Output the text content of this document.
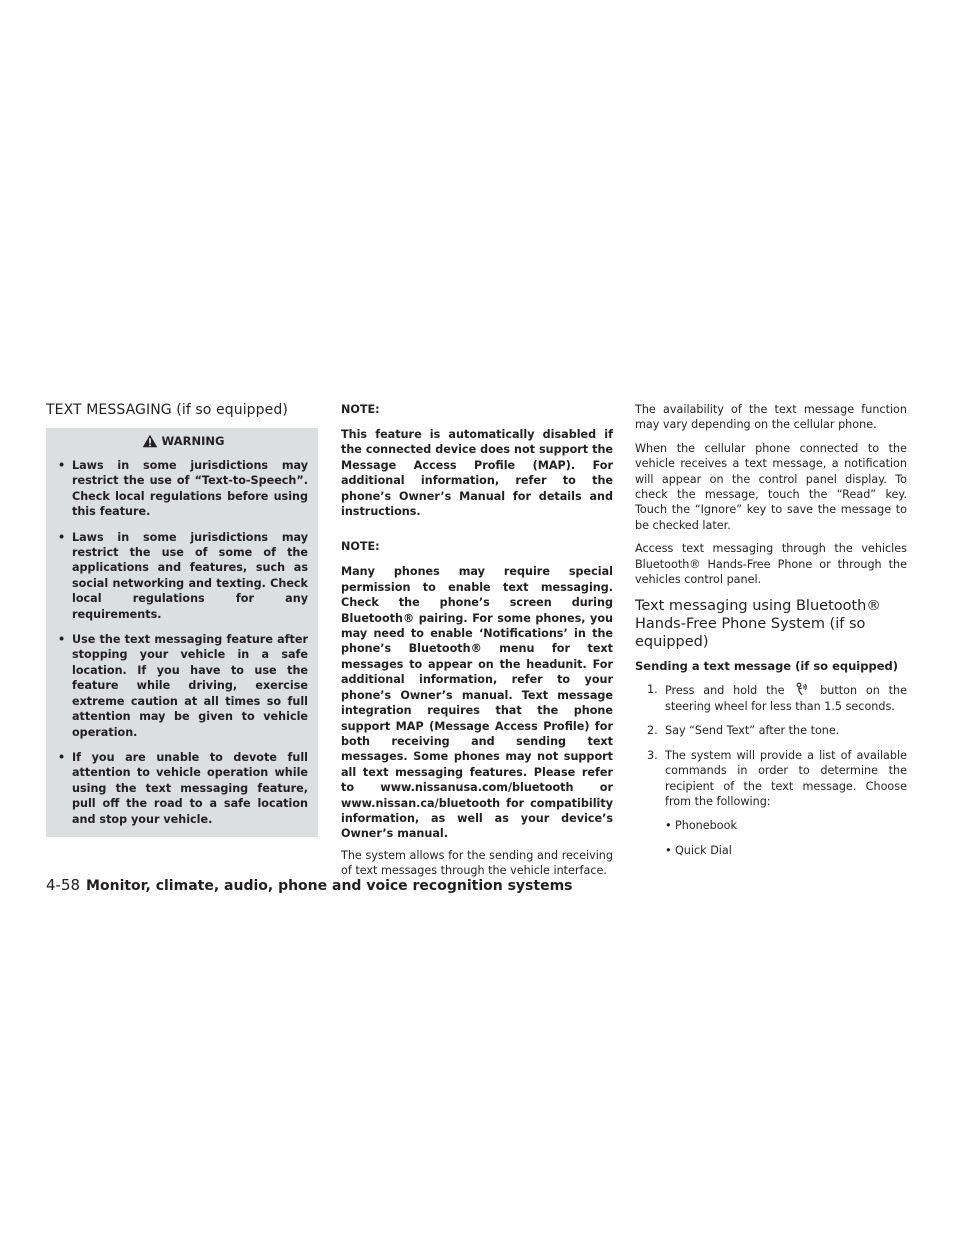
TEXT MESSAGING (if so equipped)
WARNING
• Laws in some jurisdictions may restrict the use of “Text-to-Speech”. Check local regulations before using this feature.
• Laws in some jurisdictions may restrict the use of some of the applications and features, such as social networking and texting. Check local regulations for any requirements.
• Use the text messaging feature after stopping your vehicle in a safe location. If you have to use the feature while driving, exercise extreme caution at all times so full attention may be given to vehicle operation.
• If you are unable to devote full attention to vehicle operation while using the text messaging feature, pull off the road to a safe location and stop your vehicle.
NOTE:

This feature is automatically disabled if the connected device does not support the Message Access Profile (MAP). For additional information, refer to the phone’s Owner’s Manual for details and instructions.

NOTE:

Many phones may require special permission to enable text messaging. Check the phone’s screen during Bluetooth® pairing. For some phones, you may need to enable ‘Notifications’ in the phone’s Bluetooth® menu for text messages to appear on the headunit. For additional information, refer to your phone’s Owner’s manual. Text message integration requires that the phone support MAP (Message Access Profile) for both receiving and sending text messages. Some phones may not support all text messaging features. Please refer to www.nissanusa.com/bluetooth or www.nissan.ca/bluetooth for compatibility information, as well as your device’s Owner’s manual.

The system allows for the sending and receiving of text messages through the vehicle interface.

The availability of the text message function may vary depending on the cellular phone.

When the cellular phone connected to the vehicle receives a text message, a notification will appear on the control panel display. To check the message, touch the “Read” key. Touch the “Ignore” key to save the message to be checked later.

Access text messaging through the vehicles Bluetooth® Hands-Free Phone or through the vehicles control panel.

Text messaging using Bluetooth® Hands-Free Phone System (if so equipped)
Sending a text message (if so equipped)
1. Press and hold the	button on the steering wheel for less than 1.5 seconds.
2. Say “Send Text” after the tone.
3. The system will provide a list of available commands in order to determine the recipient of the text message. Choose from the following:
• Phonebook
• Quick Dial
4-58 Monitor, climate, audio, phone and voice recognition systems
